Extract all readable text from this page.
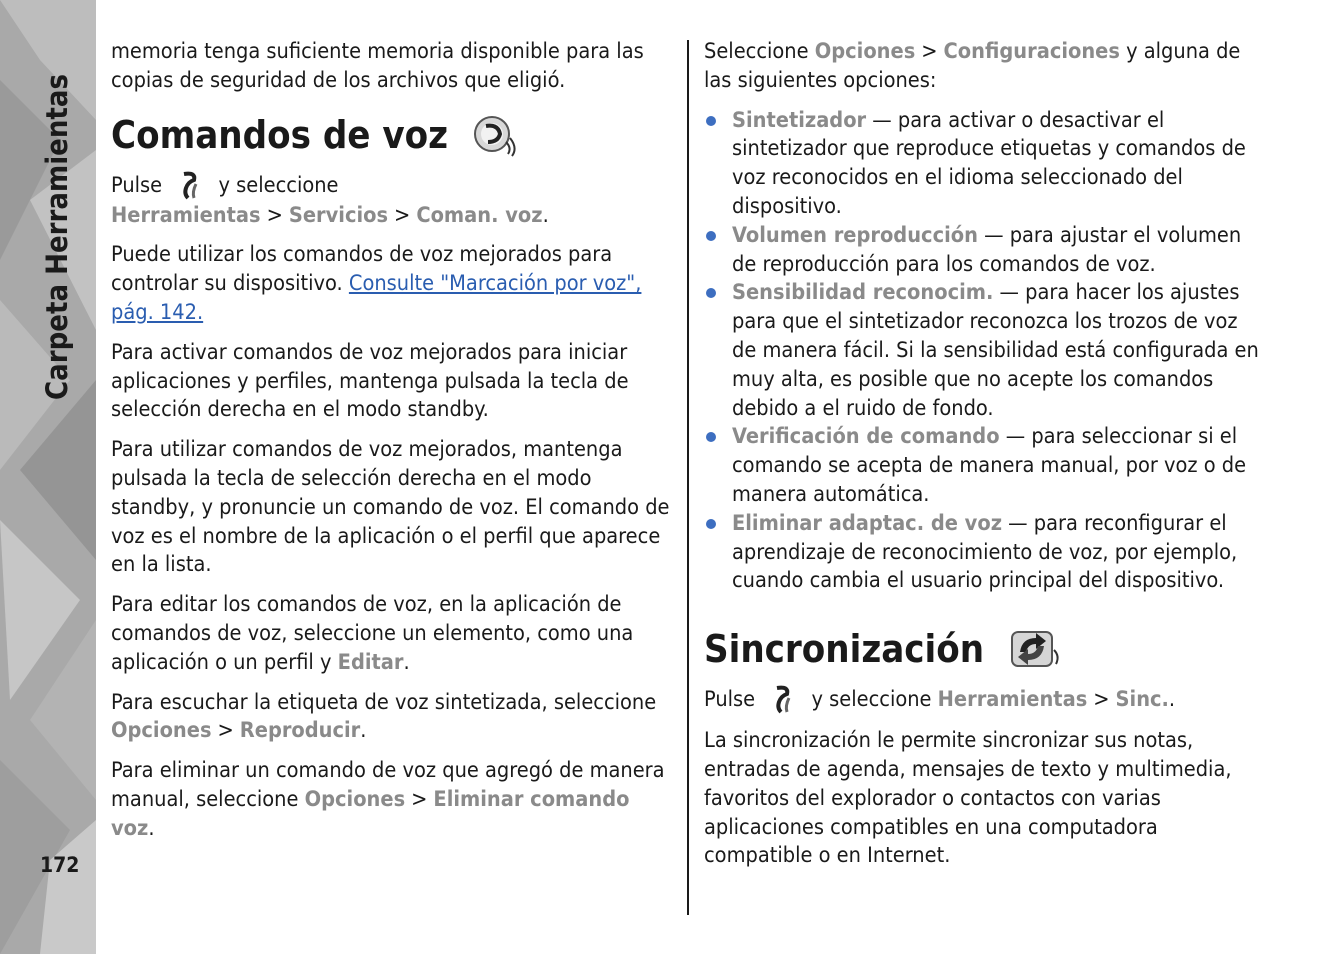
Carpeta Herramientas
172

memoria tenga suficiente memoria disponible para las copias de seguridad de los archivos que eligió.

Comandos de voz

Pulse	y seleccione Herramientas > Servicios > Coman. voz.

Puede utilizar los comandos de voz mejorados para controlar su dispositivo. Consulte "Marcación por voz", pág. 142.

Para activar comandos de voz mejorados para iniciar aplicaciones y perfiles, mantenga pulsada la tecla de selección derecha en el modo standby.

Para utilizar comandos de voz mejorados, mantenga pulsada la tecla de selección derecha en el modo standby, y pronuncie un comando de voz. El comando de voz es el nombre de la aplicación o el perfil que aparece en la lista.

Para editar los comandos de voz, en la aplicación de comandos de voz, seleccione un elemento, como una aplicación o un perfil y Editar.

Para escuchar la etiqueta de voz sintetizada, seleccione Opciones > Reproducir.

Para eliminar un comando de voz que agregó de manera manual, seleccione Opciones > Eliminar comando voz.

Seleccione Opciones > Configuraciones y alguna de las siguientes opciones:

Sintetizador — para activar o desactivar el sintetizador que reproduce etiquetas y comandos de voz reconocidos en el idioma seleccionado del dispositivo.
Volumen reproducción — para ajustar el volumen de reproducción para los comandos de voz.
Sensibilidad reconocim. — para hacer los ajustes para que el sintetizador reconozca los trozos de voz de manera fácil. Si la sensibilidad está configurada en muy alta, es posible que no acepte los comandos debido a el ruido de fondo.
Verificación de comando — para seleccionar si el comando se acepta de manera manual, por voz o de manera automática.
Eliminar adaptac. de voz — para reconfigurar el aprendizaje de reconocimiento de voz, por ejemplo, cuando cambia el usuario principal del dispositivo.
Sincronización

Pulse	y seleccione Herramientas > Sinc..

La sincronización le permite sincronizar sus notas, entradas de agenda, mensajes de texto y multimedia, favoritos del explorador o contactos con varias aplicaciones compatibles en una computadora compatible o en Internet.
